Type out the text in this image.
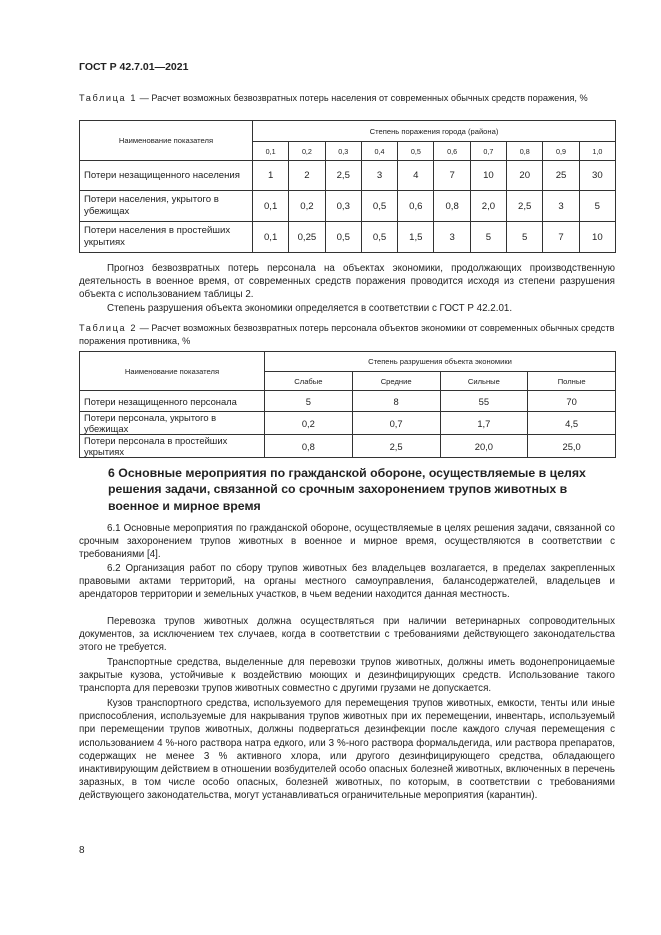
ГОСТ Р 42.7.01—2021
Таблица 1 — Расчет возможных безвозвратных потерь населения от современных обычных средств поражения, %
Наименование показателя	Степень поражения города (района)									
	0,1	0,2	0,3	0,4	0,5	0,6	0,7	0,8	0,9	1,0
Потери незащищенного населения	1	2	2,5	3	4	7	10	20	25	30
Потери населения, укрытого в убежищах	0,1	0,2	0,3	0,5	0,6	0,8	2,0	2,5	3	5
Потери населения в простейших укрытиях	0,1	0,25	0,5	0,5	1,5	3	5	5	7	10
Прогноз безвозвратных потерь персонала на объектах экономики, продолжающих производственную деятельность в военное время, от современных средств поражения проводится исходя из степени разрушения объекта с использованием таблицы 2.
Степень разрушения объекта экономики определяется в соответствии с ГОСТ Р 42.2.01.
Таблица 2 — Расчет возможных безвозвратных потерь персонала объектов экономики от современных обычных средств поражения противника, %
Наименование показателя	Степень разрушения объекта экономики			
	Слабые	Средние	Сильные	Полные
Потери незащищенного персонала	5	8	55	70
Потери персонала, укрытого в убежищах	0,2	0,7	1,7	4,5
Потери персонала в простейших укрытиях	0,8	2,5	20,0	25,0
6 Основные мероприятия по гражданской обороне, осуществляемые в целях решения задачи, связанной со срочным захоронением трупов животных в военное и мирное время
6.1 Основные мероприятия по гражданской обороне, осуществляемые в целях решения задачи, связанной со срочным захоронением трупов животных в военное и мирное время, осуществляются в соответствии с требованиями [4].
6.2 Организация работ по сбору трупов животных без владельцев возлагается, в пределах закрепленных правовыми актами территорий, на органы местного самоуправления, балансодержателей, владельцев и арендаторов территории и земельных участков, в чьем ведении находится данная местность.
Перевозка трупов животных должна осуществляться при наличии ветеринарных сопроводительных документов, за исключением тех случаев, когда в соответствии с требованиями действующего законодательства этого не требуется.
Транспортные средства, выделенные для перевозки трупов животных, должны иметь водонепроницаемые закрытые кузова, устойчивые к воздействию моющих и дезинфицирующих средств. Использование такого транспорта для перевозки трупов животных совместно с другими грузами не допускается.
Кузов транспортного средства, используемого для перемещения трупов животных, емкости, тенты или иные приспособления, используемые для накрывания трупов животных при их перемещении, инвентарь, используемый при перемещении трупов животных, должны подвергаться дезинфекции после каждого случая перемещения с использованием 4 %-ного раствора натра едкого, или 3 %-ного раствора формальдегида, или раствора препаратов, содержащих не менее 3 % активного хлора, или другого дезинфицирующего средства, обладающего инактивирующим действием в отношении возбудителей особо опасных болезней животных, включенных в перечень заразных, в том числе особо опасных, болезней животных, по которым, в соответствии с требованиями действующего законодательства, могут устанавливаться ограничительные мероприятия (карантин).
8
